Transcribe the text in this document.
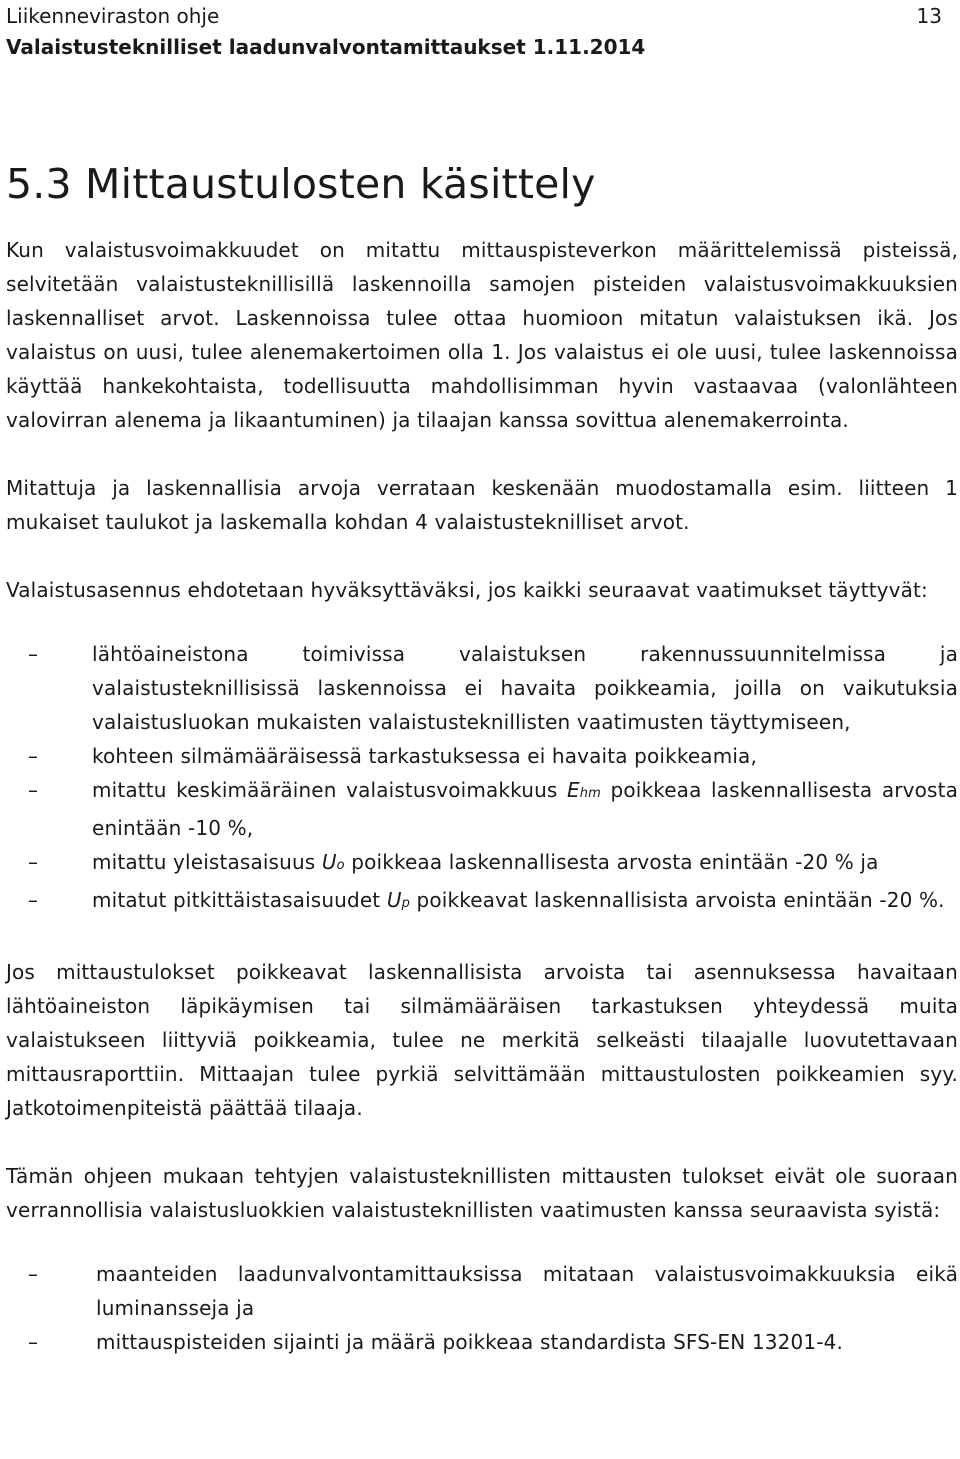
Liikenneviraston ohje
Valaistusteknilliset laadunvalvontamittaukset 1.11.2014
13
5.3 Mittaustulosten käsittely

Kun valaistusvoimakkuudet on mitattu mittauspisteverkon määrittelemissä pisteissä, selvitetään valaistusteknillisillä laskennoilla samojen pisteiden valaistusvoimakkuuksien laskennalliset arvot. Laskennoissa tulee ottaa huomioon mitatun valaistuksen ikä. Jos valaistus on uusi, tulee alenemakertoimen olla 1. Jos valaistus ei ole uusi, tulee laskennoissa käyttää hankekohtaista, todellisuutta mahdollisimman hyvin vastaavaa (valonlähteen valovirran alenema ja likaantuminen) ja tilaajan kanssa sovittua alenemakerrointa.

Mitattuja ja laskennallisia arvoja verrataan keskenään muodostamalla esim. liitteen 1 mukaiset taulukot ja laskemalla kohdan 4 valaistusteknilliset arvot.

Valaistusasennus ehdotetaan hyväksyttäväksi, jos kaikki seuraavat vaatimukset täyttyvät:

–	lähtöaineistona toimivissa valaistuksen rakennussuunnitelmissa ja valaistusteknillisissä laskennoissa ei havaita poikkeamia, joilla on vaikutuksia valaistusluokan mukaisten valaistusteknillisten vaatimusten täyttymiseen,
–	kohteen silmämääräisessä tarkastuksessa ei havaita poikkeamia,
–	mitattu keskimääräinen valaistusvoimakkuus Ehm poikkeaa laskennallisesta arvosta enintään -10 %,
–	mitattu yleistasaisuus Uo poikkeaa laskennallisesta arvosta enintään -20 % ja
–	mitatut pitkittäistasaisuudet Up poikkeavat laskennallisista arvoista enintään -20 %.

Jos mittaustulokset poikkeavat laskennallisista arvoista tai asennuksessa havaitaan lähtöaineiston läpikäymisen tai silmämääräisen tarkastuksen yhteydessä muita valaistukseen liittyviä poikkeamia, tulee ne merkitä selkeästi tilaajalle luovutettavaan mittausraporttiin. Mittaajan tulee pyrkiä selvittämään mittaustulosten poikkeamien syy. Jatkotoimenpiteistä päättää tilaaja.

Tämän ohjeen mukaan tehtyjen valaistusteknillisten mittausten tulokset eivät ole suoraan verrannollisia valaistusluokkien valaistusteknillisten vaatimusten kanssa seuraavista syistä:

–	maanteiden laadunvalvontamittauksissa mitataan valaistusvoimakkuuksia eikä luminansseja ja
–	mittauspisteiden sijainti ja määrä poikkeaa standardista SFS-EN 13201-4.
